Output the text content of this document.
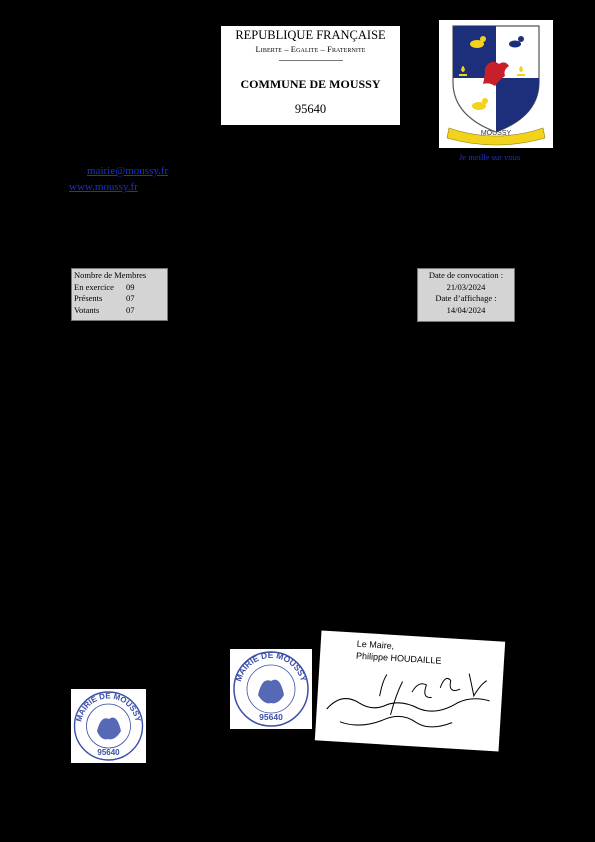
REPUBLIQUE FRANÇAISE
Liberte – Egalite – Fraternite
COMMUNE DE MOUSSY
95640
MOUSSY
Je meille sur vous
mairie@moussy.fr
www.moussy.fr
Nombre de Membres
En exercice	09
Présents	07
Votants	07
Date de convocation :
21/03/2024
Date d’affichage :
14/04/2024
MAIRIE DE MOUSSY
95640
MAIRIE DE MOUSSY
95640
Le Maire,
Philippe HOUDAILLE
